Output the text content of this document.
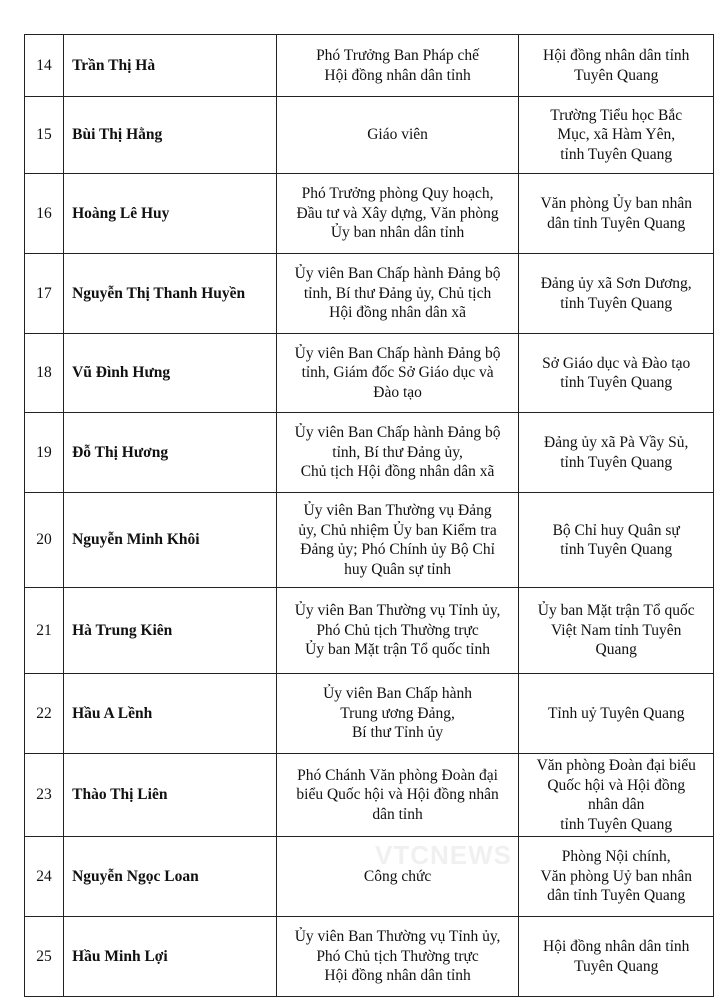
14	Trần Thị Hà	Phó Trưởng Ban Pháp chế
Hội đồng nhân dân tỉnh	Hội đồng nhân dân tỉnh
Tuyên Quang

15	Bùi Thị Hằng	Giáo viên	Trường Tiểu học Bắc
Mục, xã Hàm Yên,
tỉnh Tuyên Quang

16	Hoàng Lê Huy	Phó Trưởng phòng Quy hoạch,
Đầu tư và Xây dựng, Văn phòng
Ủy ban nhân dân tỉnh	Văn phòng Ủy ban nhân
dân tỉnh Tuyên Quang

17	Nguyễn Thị Thanh Huyền	Ủy viên Ban Chấp hành Đảng bộ
tỉnh, Bí thư Đảng ủy, Chủ tịch
Hội đồng nhân dân xã	Đảng ủy xã Sơn Dương,
tỉnh Tuyên Quang

18	Vũ Đình Hưng	Ủy viên Ban Chấp hành Đảng bộ
tỉnh, Giám đốc Sở Giáo dục và
Đào tạo	Sở Giáo dục và Đào tạo
tỉnh Tuyên Quang

19	Đỗ Thị Hương	Ủy viên Ban Chấp hành Đảng bộ
tỉnh, Bí thư Đảng ủy,
Chủ tịch Hội đồng nhân dân xã	Đảng ủy xã Pà Vầy Sủ,
tỉnh Tuyên Quang

20	Nguyễn Minh Khôi	Ủy viên Ban Thường vụ Đảng
ủy, Chủ nhiệm Ủy ban Kiểm tra
Đảng ủy; Phó Chính ủy Bộ Chỉ
huy Quân sự tỉnh	Bộ Chỉ huy Quân sự
tỉnh Tuyên Quang

21	Hà Trung Kiên	Ủy viên Ban Thường vụ Tỉnh ủy,
Phó Chủ tịch Thường trực
Ủy ban Mặt trận Tổ quốc tỉnh	Ủy ban Mặt trận Tổ quốc
Việt Nam tỉnh Tuyên
Quang

22	Hầu A Lềnh	Ủy viên Ban Chấp hành
Trung ương Đảng,
Bí thư Tỉnh ủy	Tỉnh uỷ Tuyên Quang

23	Thào Thị Liên	Phó Chánh Văn phòng Đoàn đại
biểu Quốc hội và Hội đồng nhân
dân tỉnh	Văn phòng Đoàn đại biểu
Quốc hội và Hội đồng
nhân dân
tỉnh Tuyên Quang

24	Nguyễn Ngọc Loan	Công chức	Phòng Nội chính,
Văn phòng Uỷ ban nhân
dân tỉnh Tuyên Quang

25	Hầu Minh Lợi	Ủy viên Ban Thường vụ Tỉnh ủy,
Phó Chủ tịch Thường trực
Hội đồng nhân dân tỉnh	Hội đồng nhân dân tỉnh
Tuyên Quang
VTCNEWS
